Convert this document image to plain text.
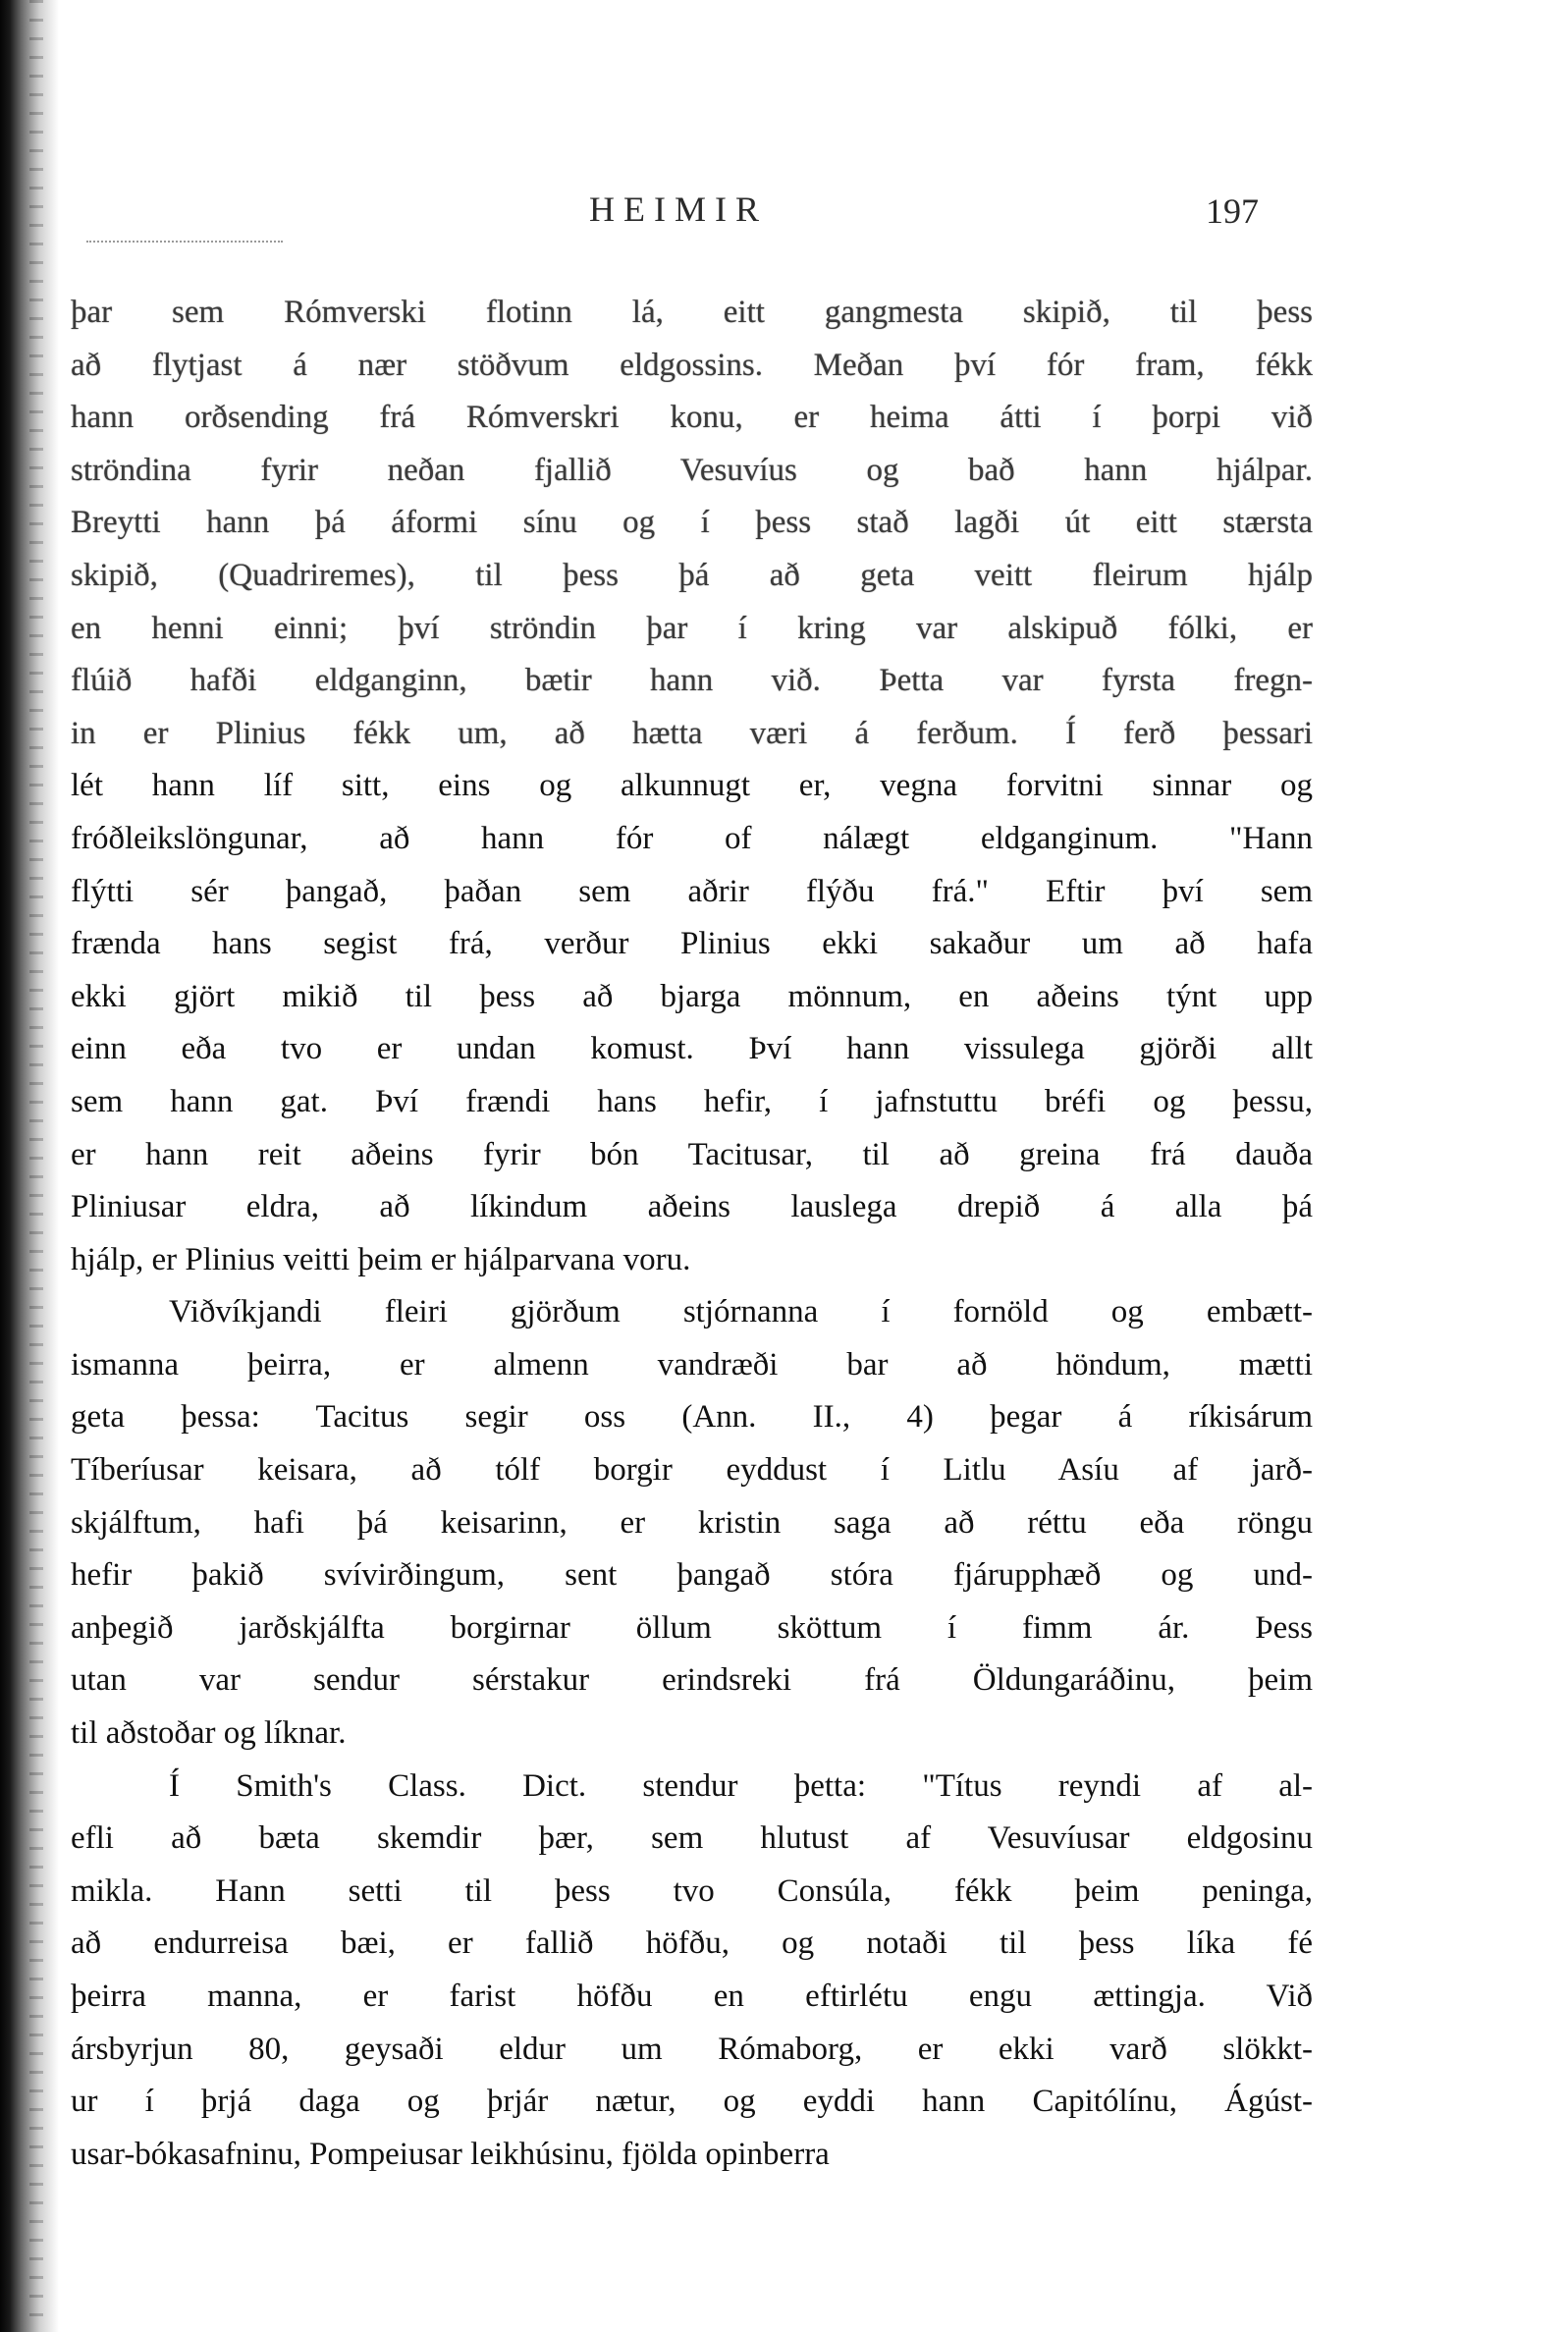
HEIMIR	197
þar sem Rómverski flotinn lá, eitt gangmesta skipið, til þess
að flytjast á nær stöðvum eldgossins. Meðan því fór fram, fékk
hann orðsending frá Rómverskri konu, er heima átti í þorpi við
ströndina fyrir neðan fjallið Vesuvíus og bað hann hjálpar.
Breytti hann þá áformi sínu og í þess stað lagði út eitt stærsta
skipið, (Quadriremes), til þess þá að geta veitt fleirum hjálp
en henni einni; því ströndin þar í kring var alskipuð fólki, er
flúið hafði eldganginn, bætir hann við. Þetta var fyrsta fregn-
in er Plinius fékk um, að hætta væri á ferðum. Í ferð þessari
lét hann líf sitt, eins og alkunnugt er, vegna forvitni sinnar og
fróðleikslöngunar, að hann fór of nálægt eldganginum. "Hann
flýtti sér þangað, þaðan sem aðrir flýðu frá." Eftir því sem
frænda hans segist frá, verður Plinius ekki sakaður um að hafa
ekki gjört mikið til þess að bjarga mönnum, en aðeins týnt upp
einn eða tvo er undan komust. Því hann vissulega gjörði allt
sem hann gat. Því frændi hans hefir, í jafnstuttu bréfi og þessu,
er hann reit aðeins fyrir bón Tacitusar, til að greina frá dauða
Pliniusar eldra, að líkindum aðeins lauslega drepið á alla þá
hjálp, er Plinius veitti þeim er hjálparvana voru.
Viðvíkjandi fleiri gjörðum stjórnanna í fornöld og embætt-
ismanna þeirra, er almenn vandræði bar að höndum, mætti
geta þessa: Tacitus segir oss (Ann. II., 4) þegar á ríkisárum
Tíberíusar keisara, að tólf borgir eyddust í Litlu Asíu af jarð-
skjálftum, hafi þá keisarinn, er kristin saga að réttu eða röngu
hefir þakið svívirðingum, sent þangað stóra fjárupphæð og und-
anþegið jarðskjálfta borgirnar öllum sköttum í fimm ár. Þess
utan var sendur sérstakur erindsreki frá Öldungaráðinu, þeim
til aðstoðar og líknar.
Í Smith's Class. Dict. stendur þetta: "Títus reyndi af al-
efli að bæta skemdir þær, sem hlutust af Vesuvíusar eldgosinu
mikla. Hann setti til þess tvo Consúla, fékk þeim peninga,
að endurreisa bæi, er fallið höfðu, og notaði til þess líka fé
þeirra manna, er farist höfðu en eftirlétu engu ættingja. Við
ársbyrjun 80, geysaði eldur um Rómaborg, er ekki varð slökkt-
ur í þrjá daga og þrjár nætur, og eyddi hann Capitólínu, Ágúst-
usar-bókasafninu, Pompeiusar leikhúsinu, fjölda opinberra
